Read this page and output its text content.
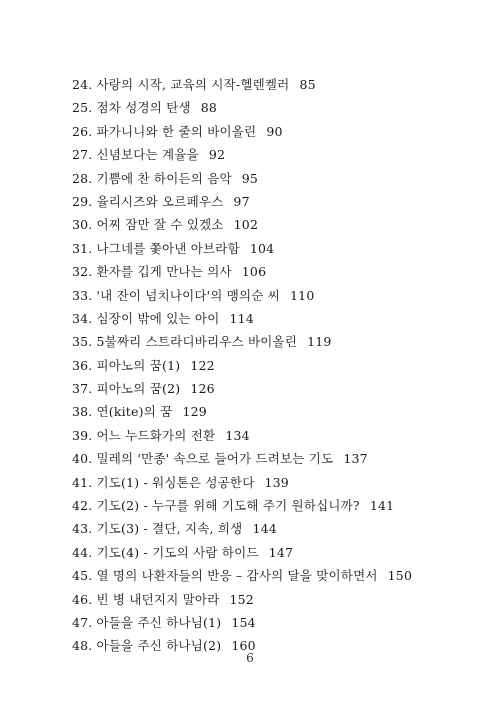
24. 사랑의 시작, 교육의 시작-헬렌켈러 85
25. 점차 성경의 탄생 88
26. 파가니니와 한 줄의 바이올린 90
27. 신념보다는 계율을 92
28. 기쁨에 찬 하이든의 음악 95
29. 율리시즈와 오르페우스 97
30. 어찌 잠만 잘 수 있겠소 102
31. 나그네를 쫓아낸 아브라함 104
32. 환자를 깁게 만나는 의사 106
33. '내 잔이 넘치나이다'의 맹의순 씨 110
34. 심장이 밖에 있는 아이 114
35. 5불짜리 스트라디바리우스 바이올린 119
36. 피아노의 꿈(1) 122
37. 피아노의 꿈(2) 126
38. 연(kite)의 꿈 129
39. 어느 누드화가의 전환 134
40. 밀레의 '만종' 속으로 들어가 드려보는 기도 137
41. 기도(1) - 워싱톤은 성공한다 139
42. 기도(2) - 누구를 위해 기도해 주기 원하십니까? 141
43. 기도(3) - 결단, 지속, 희생 144
44. 기도(4) - 기도의 사람 하이드 147
45. 열 명의 나환자들의 반응 – 감사의 달을 맞이하면서 150
46. 빈 병 내던지지 말아라 152
47. 아들을 주신 하나님(1) 154
48. 아들을 주신 하나님(2) 160
6
